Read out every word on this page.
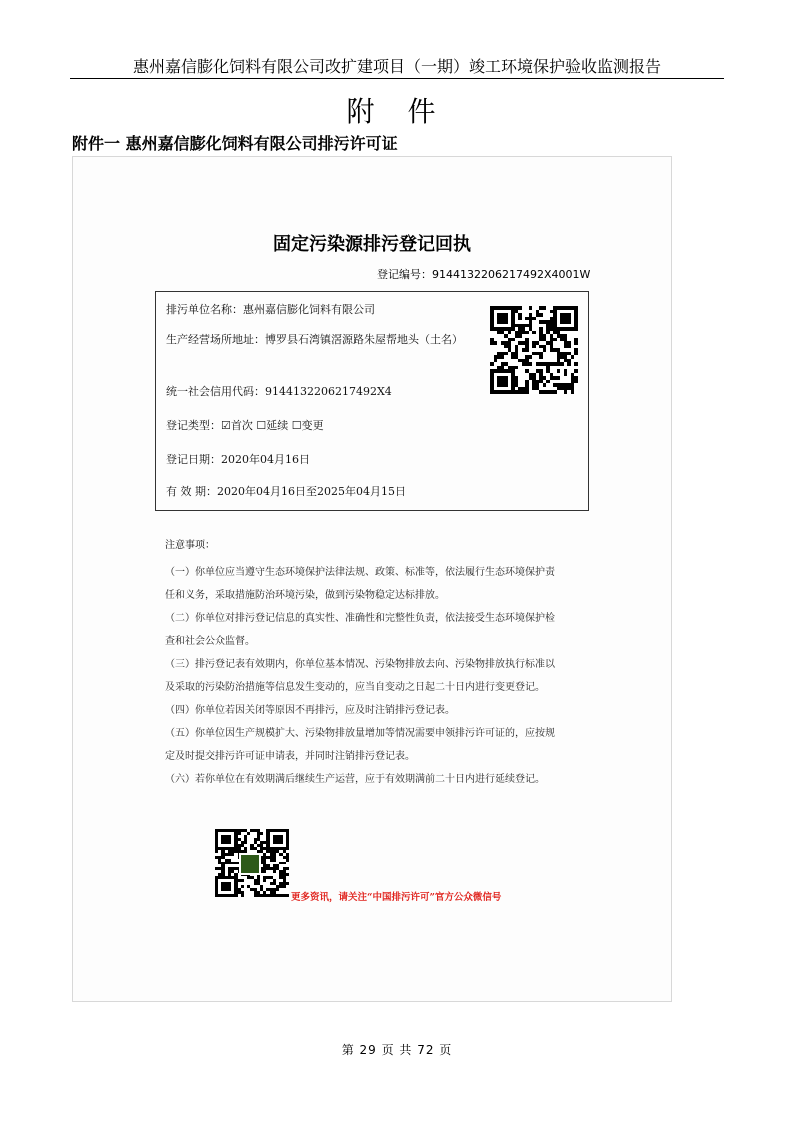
惠州嘉信膨化饲料有限公司改扩建项目（一期）竣工环境保护验收监测报告
附 件
附件一 惠州嘉信膨化饲料有限公司排污许可证
固定污染源排污登记回执
登记编号：9144132206217492X4001W
排污单位名称：惠州嘉信膨化饲料有限公司
生产经营场所地址：博罗县石湾镇滘源路朱屋帮地头（土名）
统一社会信用代码：9144132206217492X4
登记类型：☑首次 ☐延续 ☐变更
登记日期：2020年04月16日
有 效 期：2020年04月16日至2025年04月15日
注意事项：
（一）你单位应当遵守生态环境保护法律法规、政策、标准等，依法履行生态环境保护责
任和义务，采取措施防治环境污染，做到污染物稳定达标排放。
（二）你单位对排污登记信息的真实性、准确性和完整性负责，依法接受生态环境保护检
查和社会公众监督。
（三）排污登记表有效期内，你单位基本情况、污染物排放去向、污染物排放执行标准以
及采取的污染防治措施等信息发生变动的，应当自变动之日起二十日内进行变更登记。
（四）你单位若因关闭等原因不再排污，应及时注销排污登记表。
（五）你单位因生产规模扩大、污染物排放量增加等情况需要申领排污许可证的，应按规
定及时提交排污许可证申请表，并同时注销排污登记表。
（六）若你单位在有效期满后继续生产运营，应于有效期满前二十日内进行延续登记。
更多资讯，请关注“中国排污许可”官方公众微信号
第 29 页 共 72 页
